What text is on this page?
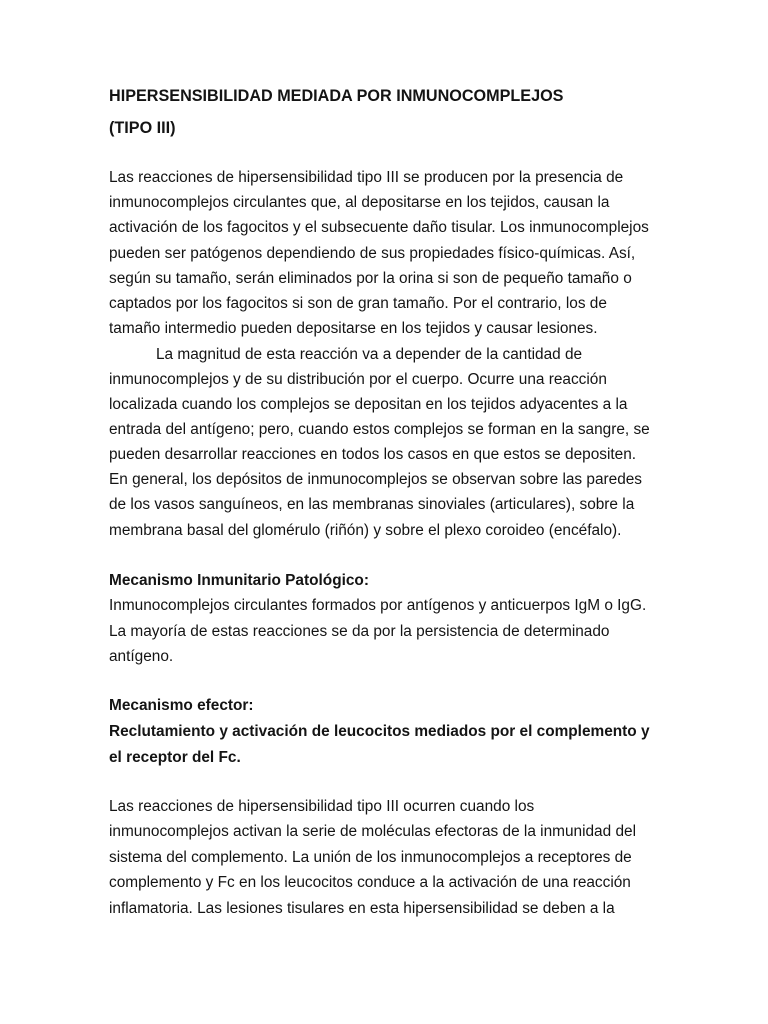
HIPERSENSIBILIDAD MEDIADA POR INMUNOCOMPLEJOS
(TIPO III)
Las reacciones de hipersensibilidad tipo III se producen por la presencia de
inmunocomplejos circulantes que, al depositarse en los tejidos, causan la
activación de los fagocitos y el subsecuente daño tisular. Los inmunocomplejos
pueden ser patógenos dependiendo de sus propiedades físico-químicas. Así,
según su tamaño, serán eliminados por la orina si son de pequeño tamaño o
captados por los fagocitos si son de gran tamaño. Por el contrario, los de
tamaño intermedio pueden depositarse en los tejidos y causar lesiones.
La magnitud de esta reacción va a depender de la cantidad de
inmunocomplejos y de su distribución por el cuerpo. Ocurre una reacción
localizada cuando los complejos se depositan en los tejidos adyacentes a la
entrada del antígeno; pero, cuando estos complejos se forman en la sangre, se
pueden desarrollar reacciones en todos los casos en que estos se depositen.
En general, los depósitos de inmunocomplejos se observan sobre las paredes
de los vasos sanguíneos, en las membranas sinoviales (articulares), sobre la
membrana basal del glomérulo (riñón) y sobre el plexo coroideo (encéfalo).
Mecanismo Inmunitario Patológico:
Inmunocomplejos circulantes formados por antígenos y anticuerpos IgM o IgG.
La mayoría de estas reacciones se da por la persistencia de determinado
antígeno.
Mecanismo efector:
Reclutamiento y activación de leucocitos mediados por el complemento y
el receptor del Fc.
Las reacciones de hipersensibilidad tipo III ocurren cuando los
inmunocomplejos activan la serie de moléculas efectoras de la inmunidad del
sistema del complemento. La unión de los inmunocomplejos a receptores de
complemento y Fc en los leucocitos conduce a la activación de una reacción
inflamatoria. Las lesiones tisulares en esta hipersensibilidad se deben a la
